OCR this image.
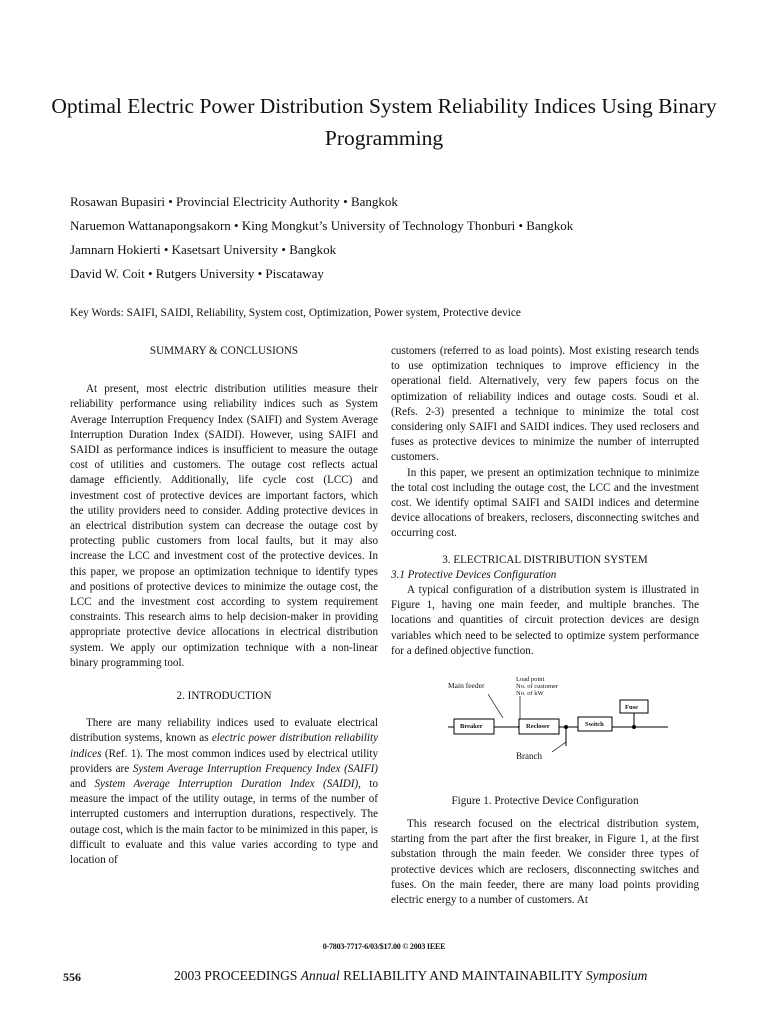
Optimal Electric Power Distribution System Reliability Indices Using Binary Programming
Rosawan Bupasiri • Provincial Electricity Authority • Bangkok
Naruemon Wattanapongsakorn • King Mongkut’s University of Technology Thonburi • Bangkok
Jamnarn Hokierti • Kasetsart University • Bangkok
David W. Coit • Rutgers University • Piscataway
Key Words: SAIFI, SAIDI, Reliability, System cost, Optimization, Power system, Protective device

SUMMARY & CONCLUSIONS

At present, most electric distribution utilities measure their reliability performance using reliability indices such as System Average Interruption Frequency Index (SAIFI) and System Average Interruption Duration Index (SAIDI). However, using SAIFI and SAIDI as performance indices is insufficient to measure the outage cost of utilities and customers. The outage cost reflects actual damage efficiently. Additionally, life cycle cost (LCC) and investment cost of protective devices are important factors, which the utility providers need to consider. Adding protective devices in an electrical distribution system can decrease the outage cost by protecting public customers from local faults, but it may also increase the LCC and investment cost of the protective devices. In this paper, we propose an optimization technique to identify types and positions of protective devices to minimize the outage cost, the LCC and the investment cost according to system requirement constraints. This research aims to help decision-maker in providing appropriate protective device allocations in electrical distribution system. We apply our optimization technique with a non-linear binary programming tool.

2. INTRODUCTION

There are many reliability indices used to evaluate electrical distribution systems, known as electric power distribution reliability indices (Ref. 1). The most common indices used by electrical utility providers are System Average Interruption Frequency Index (SAIFI) and System Average Interruption Duration Index (SAIDI), to measure the impact of the utility outage, in terms of the number of interrupted customers and interruption durations, respectively. The outage cost, which is the main factor to be minimized in this paper, is difficult to evaluate and this value varies according to type and location of

customers (referred to as load points). Most existing research tends to use optimization techniques to improve efficiency in the operational field. Alternatively, very few papers focus on the optimization of reliability indices and outage costs. Soudi et al. (Refs. 2-3) presented a technique to minimize the total cost considering only SAIFI and SAIDI indices. They used reclosers and fuses as protective devices to minimize the number of interrupted customers.

In this paper, we present an optimization technique to minimize the total cost including the outage cost, the LCC and the investment cost. We identify optimal SAIFI and SAIDI indices and determine device allocations of breakers, reclosers, disconnecting switches and occurring cost.

3. ELECTRICAL DISTRIBUTION SYSTEM

3.1 Protective Devices Configuration

A typical configuration of a distribution system is illustrated in Figure 1, having one main feeder, and multiple branches. The locations and quantities of circuit protection devices are design variables which need to be selected to optimize system performance for a defined objective function.

Main feeder
Load point
No. of customer
No. of kW
Breaker	Recloser	Switch
Fuse
Branch
Figure 1. Protective Device Configuration

This research focused on the electrical distribution system, starting from the part after the first breaker, in Figure 1, at the first substation through the main feeder. We consider three types of protective devices which are reclosers, disconnecting switches and fuses. On the main feeder, there are many load points providing electric energy to a number of customers. At

0-7803-7717-6/03/$17.00 © 2003 IEEE
556	2003 PROCEEDINGS Annual RELIABILITY AND MAINTAINABILITY Symposium
